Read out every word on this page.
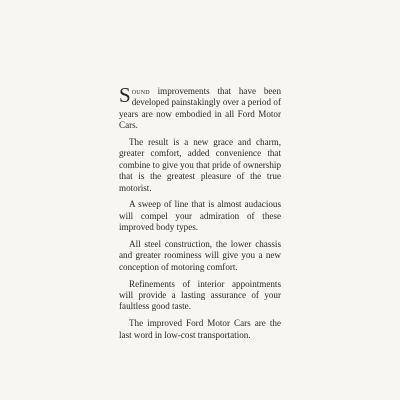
Sound improvements that have been developed painstakingly over a period of years are now embodied in all Ford Motor Cars.

The result is a new grace and charm, greater comfort, added convenience that combine to give you that pride of ownership that is the greatest pleasure of the true motorist.

A sweep of line that is almost audacious will compel your admiration of these improved body types.

All steel construction, the lower chassis and greater roominess will give you a new conception of motoring comfort.

Refinements of interior appointments will provide a lasting assurance of your faultless good taste.

The improved Ford Motor Cars are the last word in low-cost transportation.
